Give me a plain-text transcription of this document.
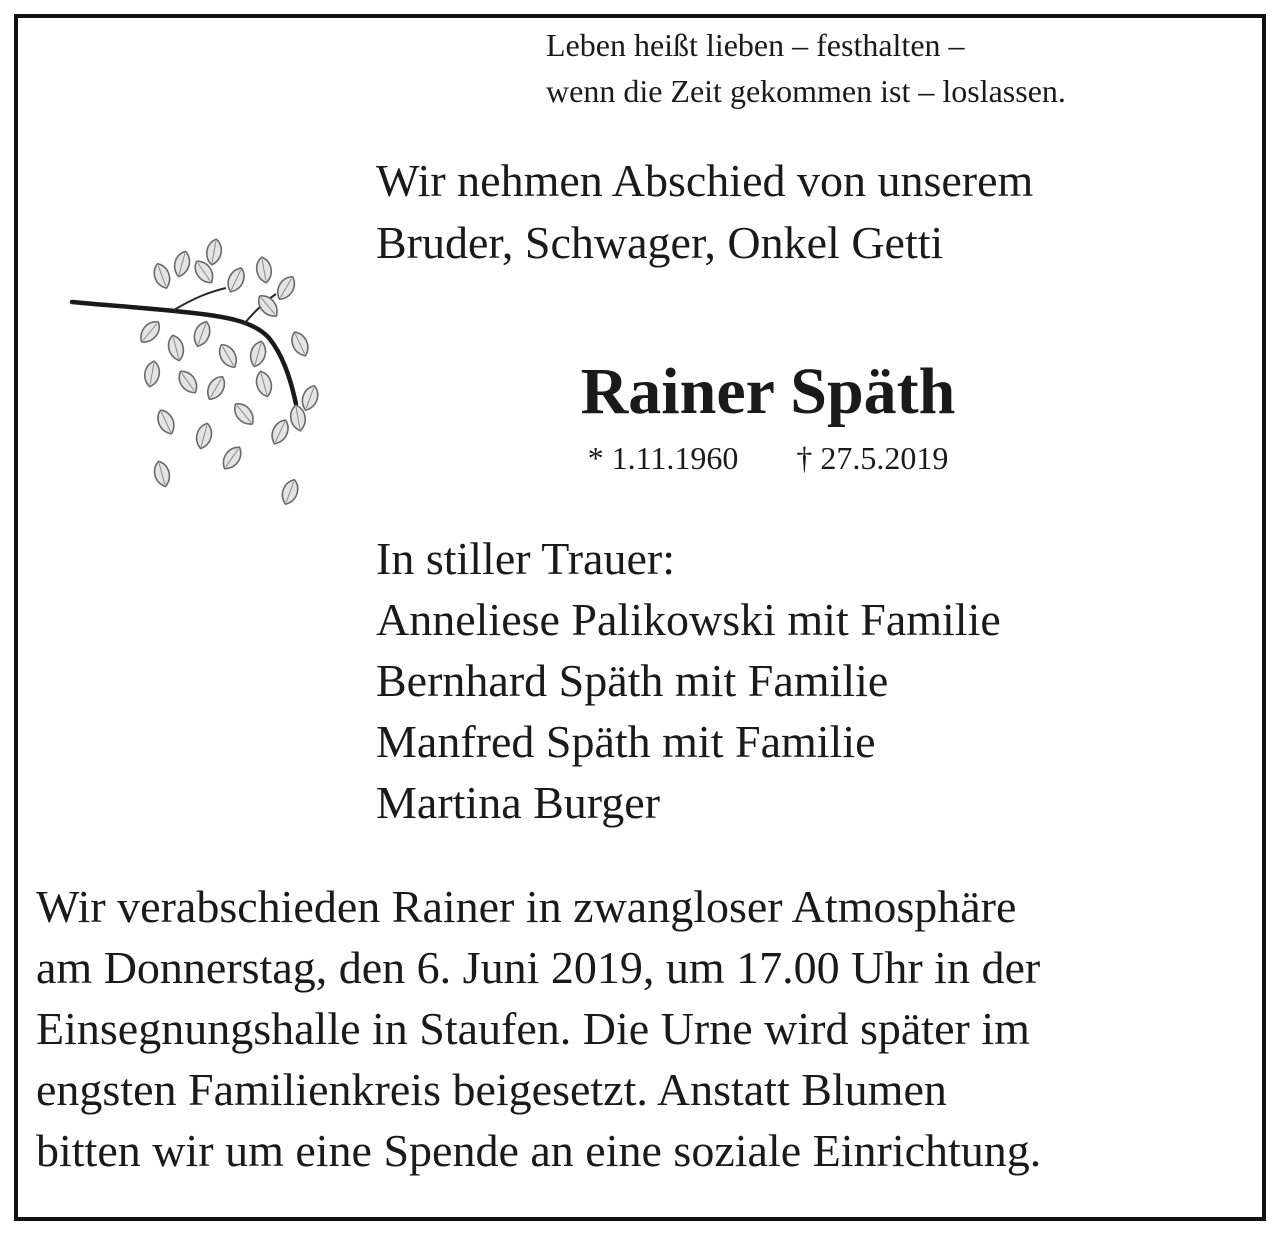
Leben heißt lieben – festhalten –
wenn die Zeit gekommen ist – loslassen.
Wir nehmen Abschied von unserem
Bruder, Schwager, Onkel Getti
Rainer Späth
* 1.11.1960 † 27.5.2019
In stiller Trauer:
Anneliese Palikowski mit Familie
Bernhard Späth mit Familie
Manfred Späth mit Familie
Martina Burger
Wir verabschieden Rainer in zwangloser Atmosphäre
am Donnerstag, den 6. Juni 2019, um 17.00 Uhr in der
Einsegnungshalle in Staufen. Die Urne wird später im
engsten Familienkreis beigesetzt. Anstatt Blumen
bitten wir um eine Spende an eine soziale Einrichtung.
